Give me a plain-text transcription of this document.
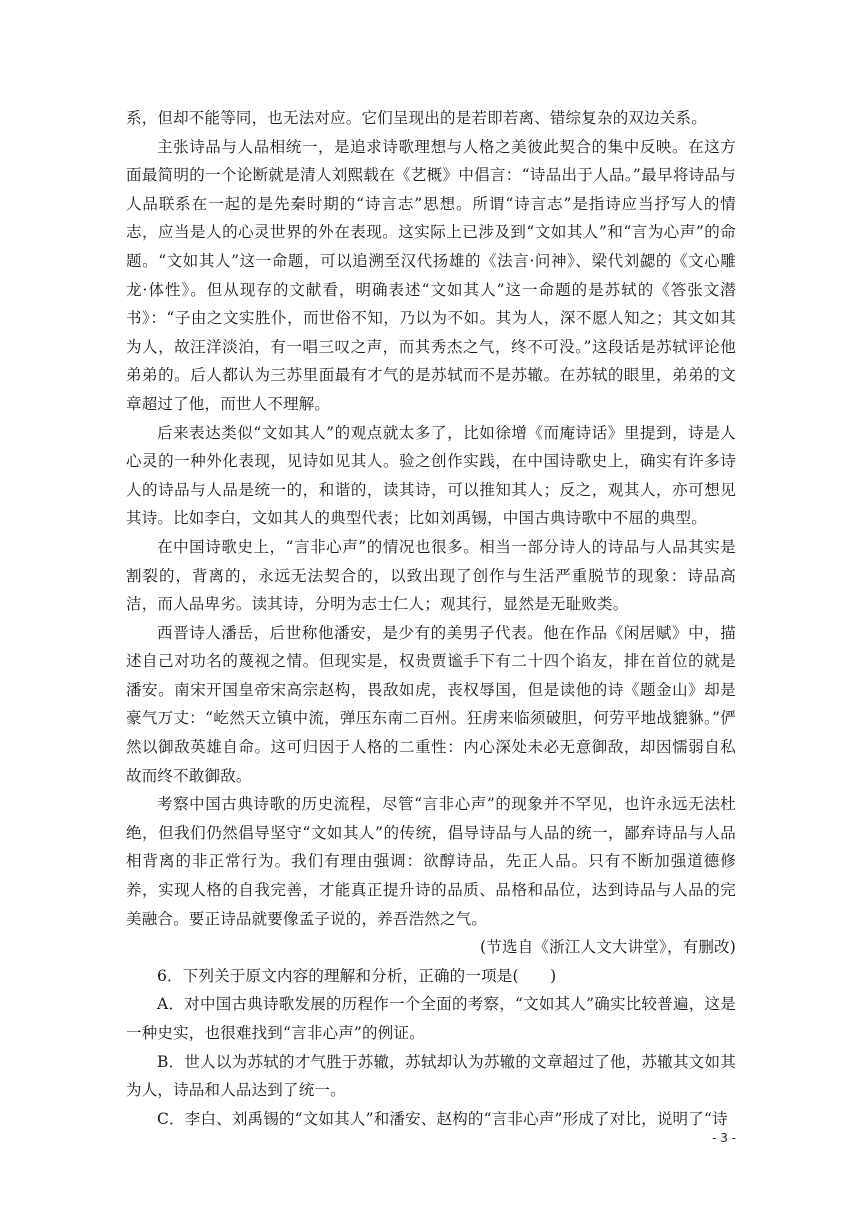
系，但却不能等同，也无法对应。它们呈现出的是若即若离、错综复杂的双边关系。

主张诗品与人品相统一，是追求诗歌理想与人格之美彼此契合的集中反映。在这方面最简明的一个论断就是清人刘熙载在《艺概》中倡言：“诗品出于人品。”最早将诗品与人品联系在一起的是先秦时期的“诗言志”思想。所谓“诗言志”是指诗应当抒写人的情志，应当是人的心灵世界的外在表现。这实际上已涉及到“文如其人”和“言为心声”的命题。“文如其人”这一命题，可以追溯至汉代扬雄的《法言·问神》、梁代刘勰的《文心雕龙·体性》。但从现存的文献看，明确表述“文如其人”这一命题的是苏轼的《答张文潜书》：“子由之文实胜仆，而世俗不知，乃以为不如。其为人，深不愿人知之；其文如其为人，故汪洋淡泊，有一唱三叹之声，而其秀杰之气，终不可没。”这段话是苏轼评论他弟弟的。后人都认为三苏里面最有才气的是苏轼而不是苏辙。在苏轼的眼里，弟弟的文章超过了他，而世人不理解。

后来表达类似“文如其人”的观点就太多了，比如徐增《而庵诗话》里提到，诗是人心灵的一种外化表现，见诗如见其人。验之创作实践，在中国诗歌史上，确实有许多诗人的诗品与人品是统一的，和谐的，读其诗，可以推知其人；反之，观其人，亦可想见其诗。比如李白，文如其人的典型代表；比如刘禹锡，中国古典诗歌中不屈的典型。

在中国诗歌史上，“言非心声”的情况也很多。相当一部分诗人的诗品与人品其实是割裂的，背离的，永远无法契合的，以致出现了创作与生活严重脱节的现象：诗品高洁，而人品卑劣。读其诗，分明为志士仁人；观其行，显然是无耻败类。

西晋诗人潘岳，后世称他潘安，是少有的美男子代表。他在作品《闲居赋》中，描述自己对功名的蔑视之情。但现实是，权贵贾谧手下有二十四个谄友，排在首位的就是潘安。南宋开国皇帝宋高宗赵构，畏敌如虎，丧权辱国，但是读他的诗《题金山》却是豪气万丈：“屹然天立镇中流，弹压东南二百州。狂虏来临须破胆，何劳平地战貔貅。”俨然以御敌英雄自命。这可归因于人格的二重性：内心深处未必无意御敌，却因懦弱自私故而终不敢御敌。

考察中国古典诗歌的历史流程，尽管“言非心声”的现象并不罕见，也许永远无法杜绝，但我们仍然倡导坚守“文如其人”的传统，倡导诗品与人品的统一，鄙弃诗品与人品相背离的非正常行为。我们有理由强调：欲醇诗品，先正人品。只有不断加强道德修养，实现人格的自我完善，才能真正提升诗的品质、品格和品位，达到诗品与人品的完美融合。要正诗品就要像孟子说的，养吾浩然之气。

(节选自《浙江人文大讲堂》，有删改)

6．下列关于原文内容的理解和分析，正确的一项是(　　)

A．对中国古典诗歌发展的历程作一个全面的考察，“文如其人”确实比较普遍，这是一种史实，也很难找到“言非心声”的例证。

B．世人以为苏轼的才气胜于苏辙，苏轼却认为苏辙的文章超过了他，苏辙其文如其为人，诗品和人品达到了统一。

C．李白、刘禹锡的“文如其人”和潘安、赵构的“言非心声”形成了对比，说明了“诗

- 3 -
